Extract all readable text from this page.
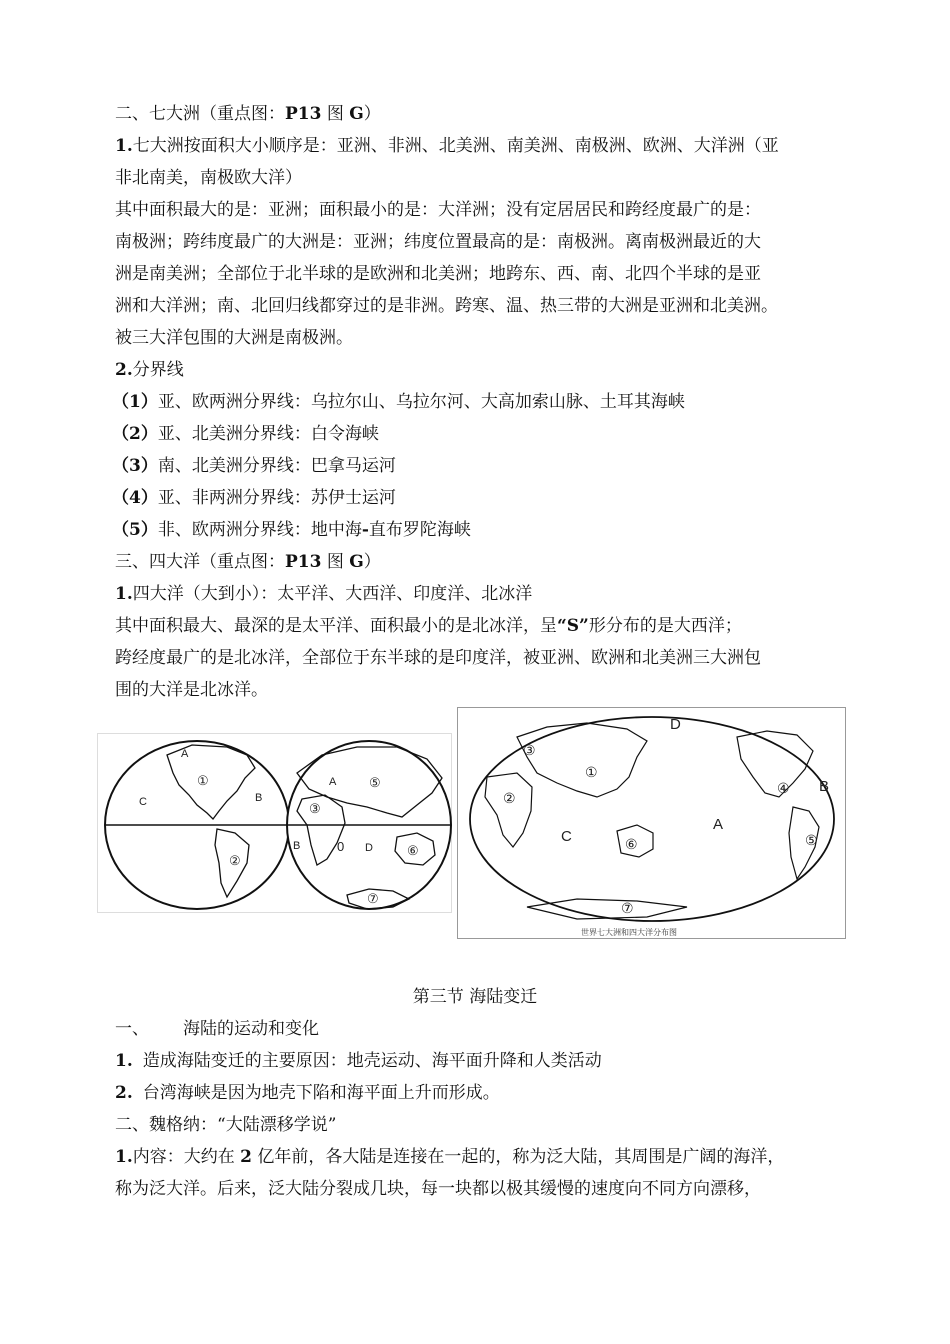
二、七大洲（重点图：P13 图 G）
1.七大洲按面积大小顺序是：亚洲、非洲、北美洲、南美洲、南极洲、欧洲、大洋洲（亚
非北南美，南极欧大洋）
其中面积最大的是：亚洲；面积最小的是：大洋洲；没有定居居民和跨经度最广的是：
南极洲；跨纬度最广的大洲是：亚洲；纬度位置最高的是：南极洲。离南极洲最近的大
洲是南美洲；全部位于北半球的是欧洲和北美洲；地跨东、西、南、北四个半球的是亚
洲和大洋洲；南、北回归线都穿过的是非洲。跨寒、温、热三带的大洲是亚洲和北美洲。
被三大洋包围的大洲是南极洲。
2.分界线
（1）亚、欧两洲分界线：乌拉尔山、乌拉尔河、大高加索山脉、土耳其海峡
（2）亚、北美洲分界线：白令海峡
（3）南、北美洲分界线：巴拿马运河
（4）亚、非两洲分界线：苏伊士运河
（5）非、欧两洲分界线：地中海-直布罗陀海峡
三、四大洋（重点图：P13 图 G）
1.四大洋（大到小）：太平洋、大西洋、印度洋、北冰洋
其中面积最大、最深的是太平洋、面积最小的是北冰洋，呈“S”形分布的是大西洋；
跨经度最广的是北冰洋，全部位于东半球的是印度洋，被亚洲、欧洲和北美洲三大洲包
围的大洋是北冰洋。
A
B
C
①
②
③
A	⑤
B	0 D	⑥
⑦
D
③
①
②
C
A
⑥
④ B
⑤
⑦
世界七大洲和四大洋分布图
第三节 海陆变迁
一、 海陆的运动和变化
1. 造成海陆变迁的主要原因：地壳运动、海平面升降和人类活动
2. 台湾海峡是因为地壳下陷和海平面上升而形成。
二、魏格纳：“大陆漂移学说”
1.内容：大约在 2 亿年前，各大陆是连接在一起的，称为泛大陆，其周围是广阔的海洋，
称为泛大洋。后来，泛大陆分裂成几块，每一块都以极其缓慢的速度向不同方向漂移，
